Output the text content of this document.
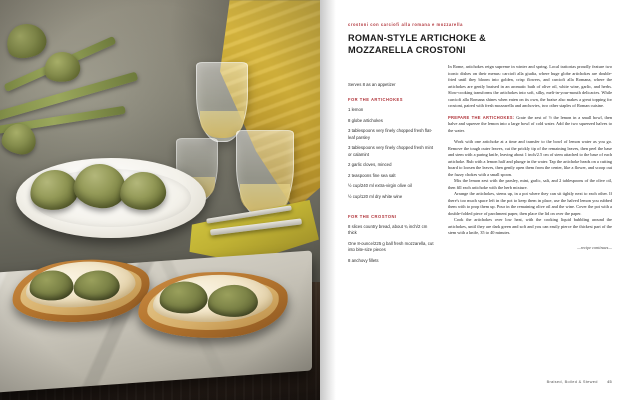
crostoni con carciofi alla romana e mozzarella
ROMAN-STYLE ARTICHOKE & MOZZARELLA CROSTONI
Serves 8 as an appetizer
FOR THE ARTICHOKES
1 lemon
8 globe artichokes
3 tablespoons very finely chopped fresh flat-leaf parsley
3 tablespoons very finely chopped fresh mint or calamint
2 garlic cloves, minced
2 teaspoons fine sea salt
½ cup/240 ml extra-virgin olive oil
½ cup/120 ml dry white wine
FOR THE CROSTONI
8 slices country bread, about ¾ inch/2 cm thick
One 8-ounce/225 g ball fresh mozzarella, cut into bite-size pieces
8 anchovy fillets

In Rome, artichokes reign supreme in winter and spring. Local trattorias proudly feature two iconic dishes on their menus: carciofi alla giudia, where huge globe artichokes are double-fried until they bloom into golden, crisp flowers, and carciofi alla Romana, where the artichokes are gently braised in an aromatic bath of olive oil, white wine, garlic, and herbs. Slow-cooking transforms the artichokes into soft, silky, melt-in-your-mouth delicacies. While carciofi alla Romana shines when eaten on its own, the braise also makes a great topping for crostoni, paired with fresh mozzarella and anchovies, two other staples of Roman cuisine.

PREPARE THE ARTICHOKES: Grate the zest of ½ the lemon in a small bowl, then halve and squeeze the lemon into a large bowl of cold water. Add the two squeezed halves to the water.

Work with one artichoke at a time and transfer to the bowl of lemon water as you go. Remove the tough outer leaves, cut the prickly tip of the remaining leaves, then peel the base and stem with a paring knife, leaving about 1 inch/2.5 cm of stem attached to the base of each artichoke. Rub with a lemon half and plunge in the water. Tap the artichoke heads on a cutting board to loosen the leaves, then gently open them from the center, like a flower, and scoop out the fuzzy chokes with a small spoon.

Mix the lemon zest with the parsley, mint, garlic, salt, and 2 tablespoons of the olive oil, then fill each artichoke with the herb mixture.

Arrange the artichokes, stems up, in a pot where they can sit tightly next to each other. If there's too much space left in the pot to keep them in place, use the halved lemon you rubbed them with to prop them up. Pour in the remaining olive oil and the wine. Cover the pot with a double-folded piece of parchment paper, then place the lid on over the paper.

Cook the artichokes over low heat, with the cooking liquid bubbling around the artichokes, until they are dark green and soft and you can easily pierce the thickest part of the stem with a knife, 35 to 40 minutes.

—recipe continues—
Braised, Boiled & Stewed 45
